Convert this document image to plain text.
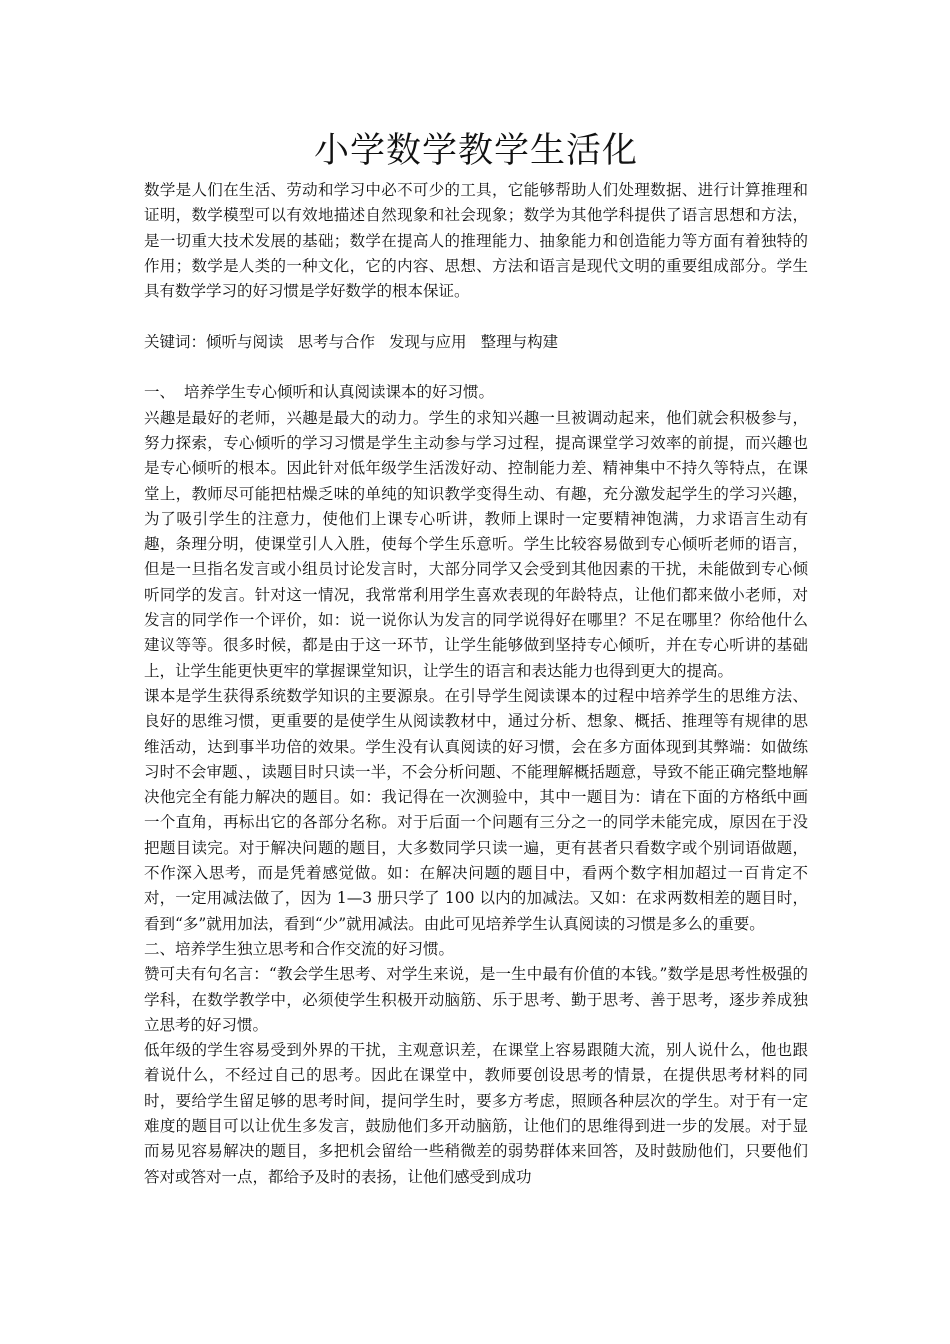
小学数学教学生活化

数学是人们在生活、劳动和学习中必不可少的工具，它能够帮助人们处理数据、进行计算推理和证明，数学模型可以有效地描述自然现象和社会现象；数学为其他学科提供了语言思想和方法，是一切重大技术发展的基础；数学在提高人的推理能力、抽象能力和创造能力等方面有着独特的作用；数学是人类的一种文化，它的内容、思想、方法和语言是现代文明的重要组成部分。学生具有数学学习的好习惯是学好数学的根本保证。

关键词：倾听与阅读 思考与合作 发现与应用 整理与构建

一、 培养学生专心倾听和认真阅读课本的好习惯。

兴趣是最好的老师，兴趣是最大的动力。学生的求知兴趣一旦被调动起来，他们就会积极参与，努力探索，专心倾听的学习习惯是学生主动参与学习过程，提高课堂学习效率的前提，而兴趣也是专心倾听的根本。因此针对低年级学生活泼好动、控制能力差、精神集中不持久等特点，在课堂上，教师尽可能把枯燥乏味的单纯的知识教学变得生动、有趣，充分激发起学生的学习兴趣，为了吸引学生的注意力，使他们上课专心听讲，教师上课时一定要精神饱满，力求语言生动有趣，条理分明，使课堂引人入胜，使每个学生乐意听。学生比较容易做到专心倾听老师的语言，但是一旦指名发言或小组员讨论发言时，大部分同学又会受到其他因素的干扰，未能做到专心倾听同学的发言。针对这一情况，我常常利用学生喜欢表现的年龄特点，让他们都来做小老师，对发言的同学作一个评价，如：说一说你认为发言的同学说得好在哪里？不足在哪里？你给他什么建议等等。很多时候，都是由于这一环节，让学生能够做到坚持专心倾听，并在专心听讲的基础上，让学生能更快更牢的掌握课堂知识，让学生的语言和表达能力也得到更大的提高。

课本是学生获得系统数学知识的主要源泉。在引导学生阅读课本的过程中培养学生的思维方法、良好的思维习惯，更重要的是使学生从阅读教材中，通过分析、想象、概括、推理等有规律的思维活动，达到事半功倍的效果。学生没有认真阅读的好习惯，会在多方面体现到其弊端：如做练习时不会审题、，读题目时只读一半，不会分析问题、不能理解概括题意，导致不能正确完整地解决他完全有能力解决的题目。如：我记得在一次测验中，其中一题目为：请在下面的方格纸中画一个直角，再标出它的各部分名称。对于后面一个问题有三分之一的同学未能完成，原因在于没把题目读完。对于解决问题的题目，大多数同学只读一遍，更有甚者只看数字或个别词语做题，不作深入思考，而是凭着感觉做。如：在解决问题的题目中，看两个数字相加超过一百肯定不对，一定用减法做了，因为 1—3 册只学了 100 以内的加减法。又如：在求两数相差的题目时，看到“多”就用加法，看到“少”就用减法。由此可见培养学生认真阅读的习惯是多么的重要。

二、培养学生独立思考和合作交流的好习惯。

赞可夫有句名言：“教会学生思考、对学生来说，是一生中最有价值的本钱。”数学是思考性极强的学科，在数学教学中，必须使学生积极开动脑筋、乐于思考、勤于思考、善于思考，逐步养成独立思考的好习惯。

低年级的学生容易受到外界的干扰，主观意识差，在课堂上容易跟随大流，别人说什么，他也跟着说什么，不经过自己的思考。因此在课堂中，教师要创设思考的情景，在提供思考材料的同时，要给学生留足够的思考时间，提问学生时，要多方考虑，照顾各种层次的学生。对于有一定难度的题目可以让优生多发言，鼓励他们多开动脑筋，让他们的思维得到进一步的发展。对于显而易见容易解决的题目，多把机会留给一些稍微差的弱势群体来回答，及时鼓励他们，只要他们答对或答对一点，都给予及时的表扬，让他们感受到成功
